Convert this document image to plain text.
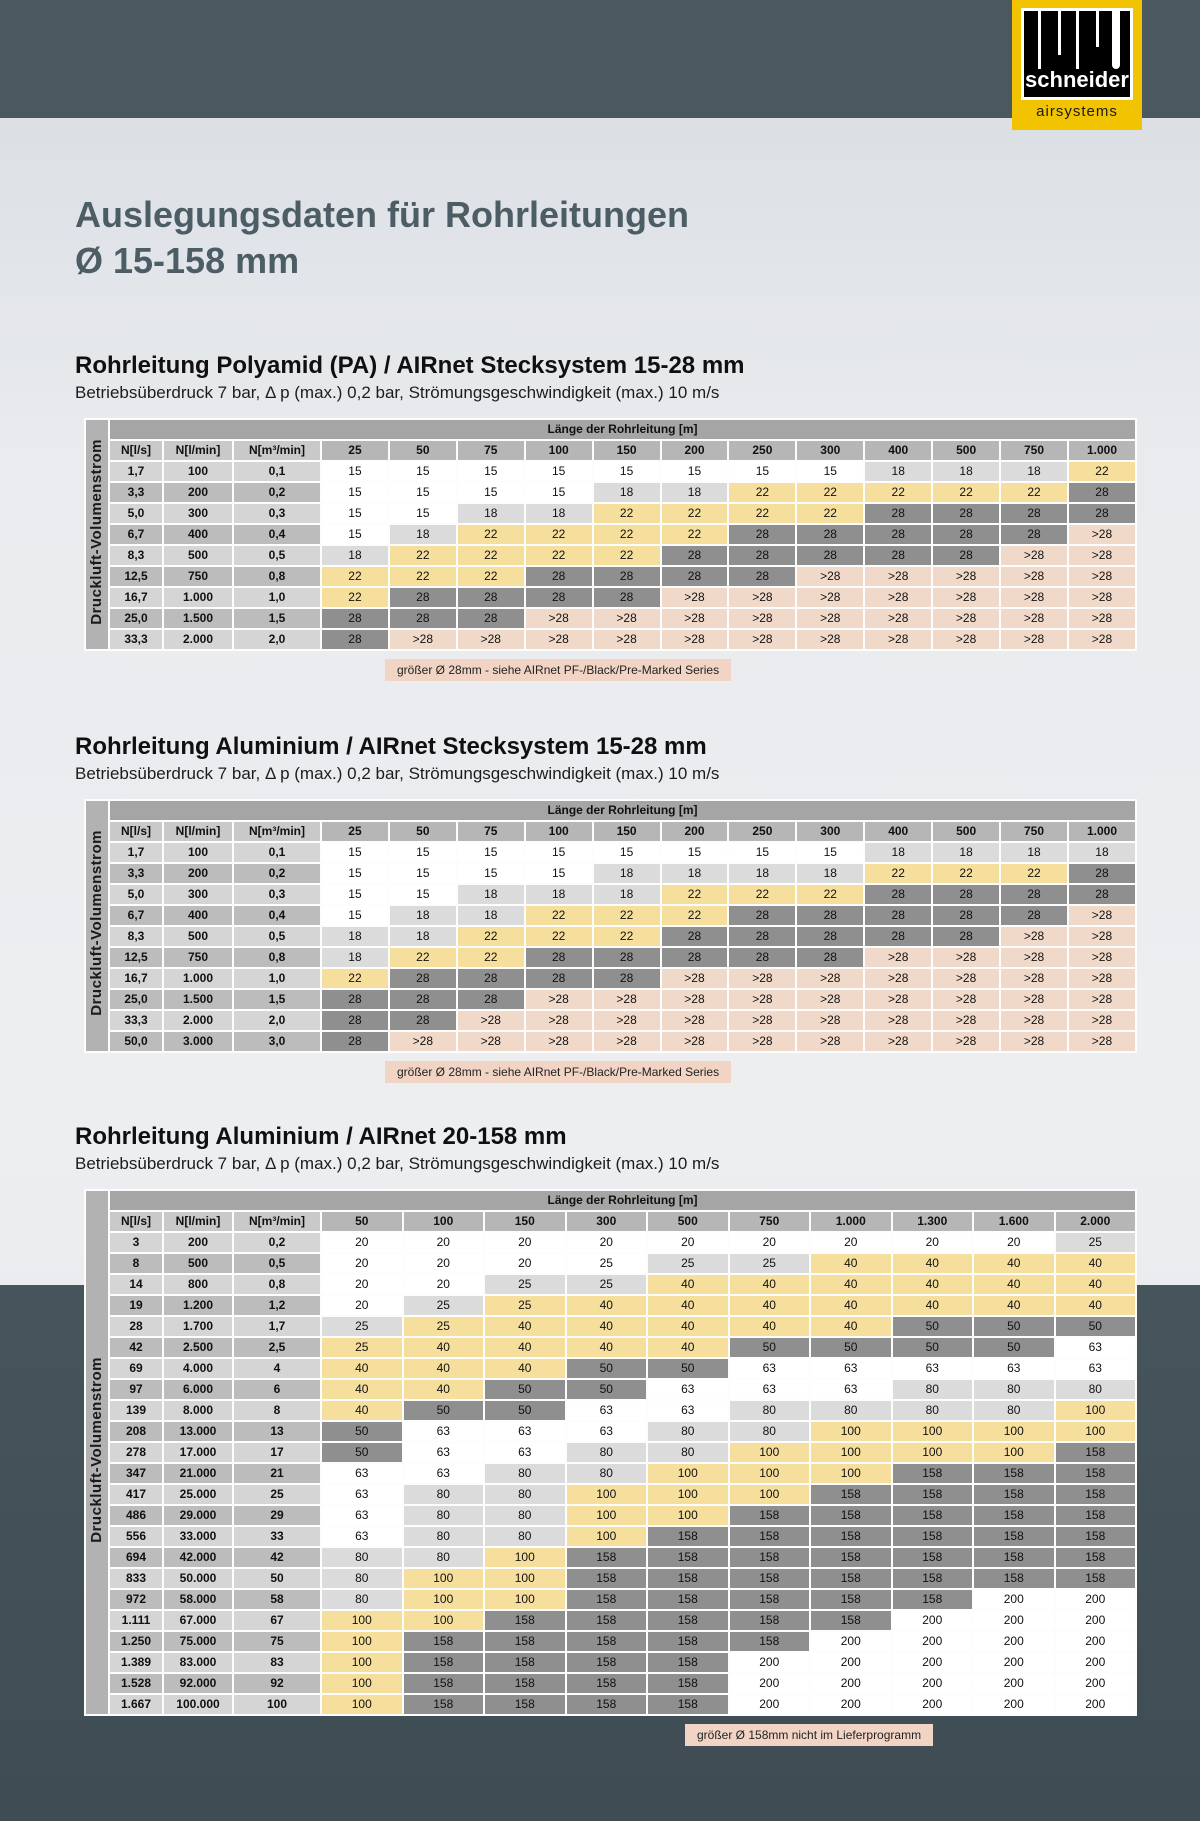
schneider
airsystems
Auslegungsdaten für Rohrleitungen
Ø 15-158 mm
Rohrleitung Polyamid (PA) / AIRnet Stecksystem 15-28 mm

Betriebsüberdruck 7 bar, Δ p (max.) 0,2 bar, Strömungsgeschwindigkeit (max.) 10 m/s

Druckluft-Volumenstrom	Länge der Rohrleitung [m]														
	N[l/s]	N[l/min]	N[m³/min]	25	50	75	100	150	200	250	300	400	500	750	1.000
	1,7	100	0,1	15	15	15	15	15	15	15	15	18	18	18	22
	3,3	200	0,2	15	15	15	15	18	18	22	22	22	22	22	28
	5,0	300	0,3	15	15	18	18	22	22	22	22	28	28	28	28
	6,7	400	0,4	15	18	22	22	22	22	28	28	28	28	28	>28
	8,3	500	0,5	18	22	22	22	22	28	28	28	28	28	>28	>28
	12,5	750	0,8	22	22	22	28	28	28	28	>28	>28	>28	>28	>28
	16,7	1.000	1,0	22	28	28	28	28	>28	>28	>28	>28	>28	>28	>28
	25,0	1.500	1,5	28	28	28	>28	>28	>28	>28	>28	>28	>28	>28	>28
	33,3	2.000	2,0	28	>28	>28	>28	>28	>28	>28	>28	>28	>28	>28	>28
größer Ø 28mm - siehe AIRnet PF-/Black/Pre-Marked Series
Rohrleitung Aluminium / AIRnet Stecksystem 15-28 mm

Betriebsüberdruck 7 bar, Δ p (max.) 0,2 bar, Strömungsgeschwindigkeit (max.) 10 m/s

Druckluft-Volumenstrom	Länge der Rohrleitung [m]														
	N[l/s]	N[l/min]	N[m³/min]	25	50	75	100	150	200	250	300	400	500	750	1.000
	1,7	100	0,1	15	15	15	15	15	15	15	15	18	18	18	18
	3,3	200	0,2	15	15	15	15	18	18	18	18	22	22	22	28
	5,0	300	0,3	15	15	18	18	18	22	22	22	28	28	28	28
	6,7	400	0,4	15	18	18	22	22	22	28	28	28	28	28	>28
	8,3	500	0,5	18	18	22	22	22	28	28	28	28	28	>28	>28
	12,5	750	0,8	18	22	22	28	28	28	28	28	>28	>28	>28	>28
	16,7	1.000	1,0	22	28	28	28	28	>28	>28	>28	>28	>28	>28	>28
	25,0	1.500	1,5	28	28	28	>28	>28	>28	>28	>28	>28	>28	>28	>28
	33,3	2.000	2,0	28	28	>28	>28	>28	>28	>28	>28	>28	>28	>28	>28
	50,0	3.000	3,0	28	>28	>28	>28	>28	>28	>28	>28	>28	>28	>28	>28
größer Ø 28mm - siehe AIRnet PF-/Black/Pre-Marked Series
Rohrleitung Aluminium / AIRnet 20-158 mm

Betriebsüberdruck 7 bar, Δ p (max.) 0,2 bar, Strömungsgeschwindigkeit (max.) 10 m/s

Druckluft-Volumenstrom	Länge der Rohrleitung [m]												
	N[l/s]	N[l/min]	N[m³/min]	50	100	150	300	500	750	1.000	1.300	1.600	2.000
	3	200	0,2	20	20	20	20	20	20	20	20	20	25
	8	500	0,5	20	20	20	25	25	25	40	40	40	40
	14	800	0,8	20	20	25	25	40	40	40	40	40	40
	19	1.200	1,2	20	25	25	40	40	40	40	40	40	40
	28	1.700	1,7	25	25	40	40	40	40	40	50	50	50
	42	2.500	2,5	25	40	40	40	40	50	50	50	50	63
	69	4.000	4	40	40	40	50	50	63	63	63	63	63
	97	6.000	6	40	40	50	50	63	63	63	80	80	80
	139	8.000	8	40	50	50	63	63	80	80	80	80	100
	208	13.000	13	50	63	63	63	80	80	100	100	100	100
	278	17.000	17	50	63	63	80	80	100	100	100	100	158
	347	21.000	21	63	63	80	80	100	100	100	158	158	158
	417	25.000	25	63	80	80	100	100	100	158	158	158	158
	486	29.000	29	63	80	80	100	100	158	158	158	158	158
	556	33.000	33	63	80	80	100	158	158	158	158	158	158
	694	42.000	42	80	80	100	158	158	158	158	158	158	158
	833	50.000	50	80	100	100	158	158	158	158	158	158	158
	972	58.000	58	80	100	100	158	158	158	158	158	200	200
	1.111	67.000	67	100	100	158	158	158	158	158	200	200	200
	1.250	75.000	75	100	158	158	158	158	158	200	200	200	200
	1.389	83.000	83	100	158	158	158	158	200	200	200	200	200
	1.528	92.000	92	100	158	158	158	158	200	200	200	200	200
	1.667	100.000	100	100	158	158	158	158	200	200	200	200	200
größer Ø 158mm nicht im Lieferprogramm
